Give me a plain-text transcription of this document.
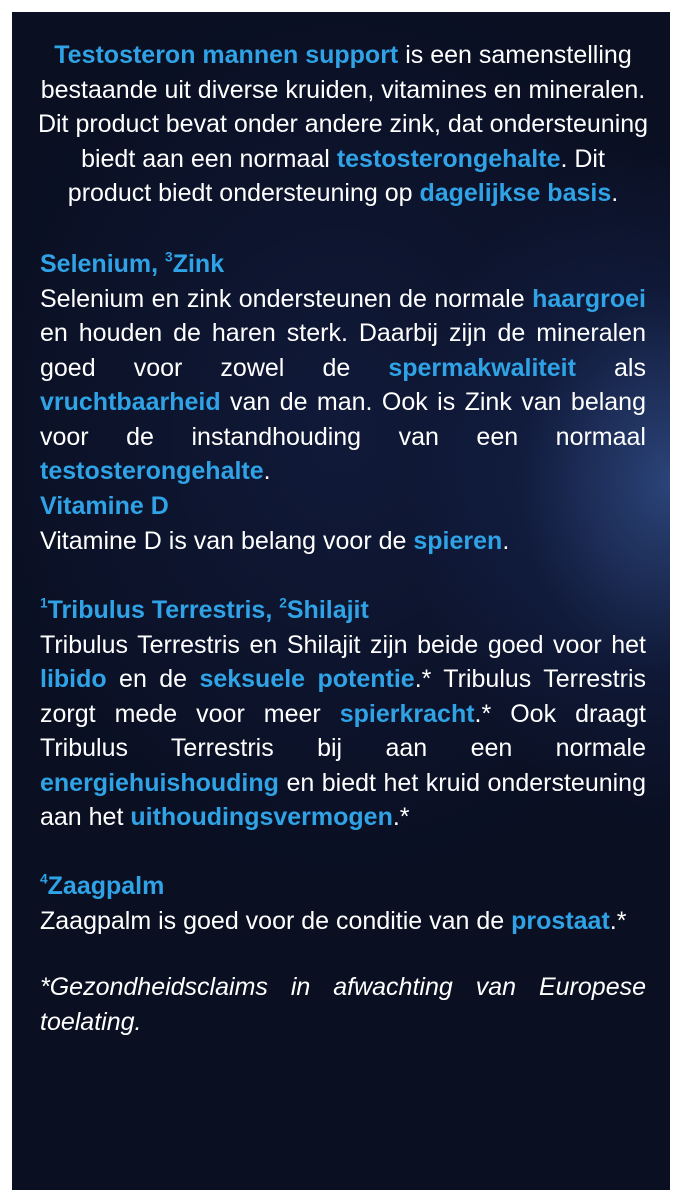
Testosteron mannen support is een samenstelling bestaande uit diverse kruiden, vitamines en mineralen. Dit product bevat onder andere zink, dat ondersteuning biedt aan een normaal testosterongehalte. Dit product biedt ondersteuning op dagelijkse basis.

Selenium, $^3$Zink

Selenium en zink ondersteunen de normale haargroei en houden de haren sterk. Daarbij zijn de mineralen goed voor zowel de spermakwaliteit als vruchtbaarheid van de man. Ook is Zink van belang voor de instandhouding van een normaal testosterongehalte.

Vitamine D

Vitamine D is van belang voor de spieren.

$^1$Tribulus Terrestris, $^2$Shilajit

Tribulus Terrestris en Shilajit zijn beide goed voor het libido en de seksuele potentie.* Tribulus Terrestris zorgt mede voor meer spierkracht.* Ook draagt Tribulus Terrestris bij aan een normale energiehuishouding en biedt het kruid ondersteuning aan het uithoudingsvermogen.*

$^4$Zaagpalm

Zaagpalm is goed voor de conditie van de prostaat.*

*Gezondheidsclaims in afwachting van Europese toelating.
